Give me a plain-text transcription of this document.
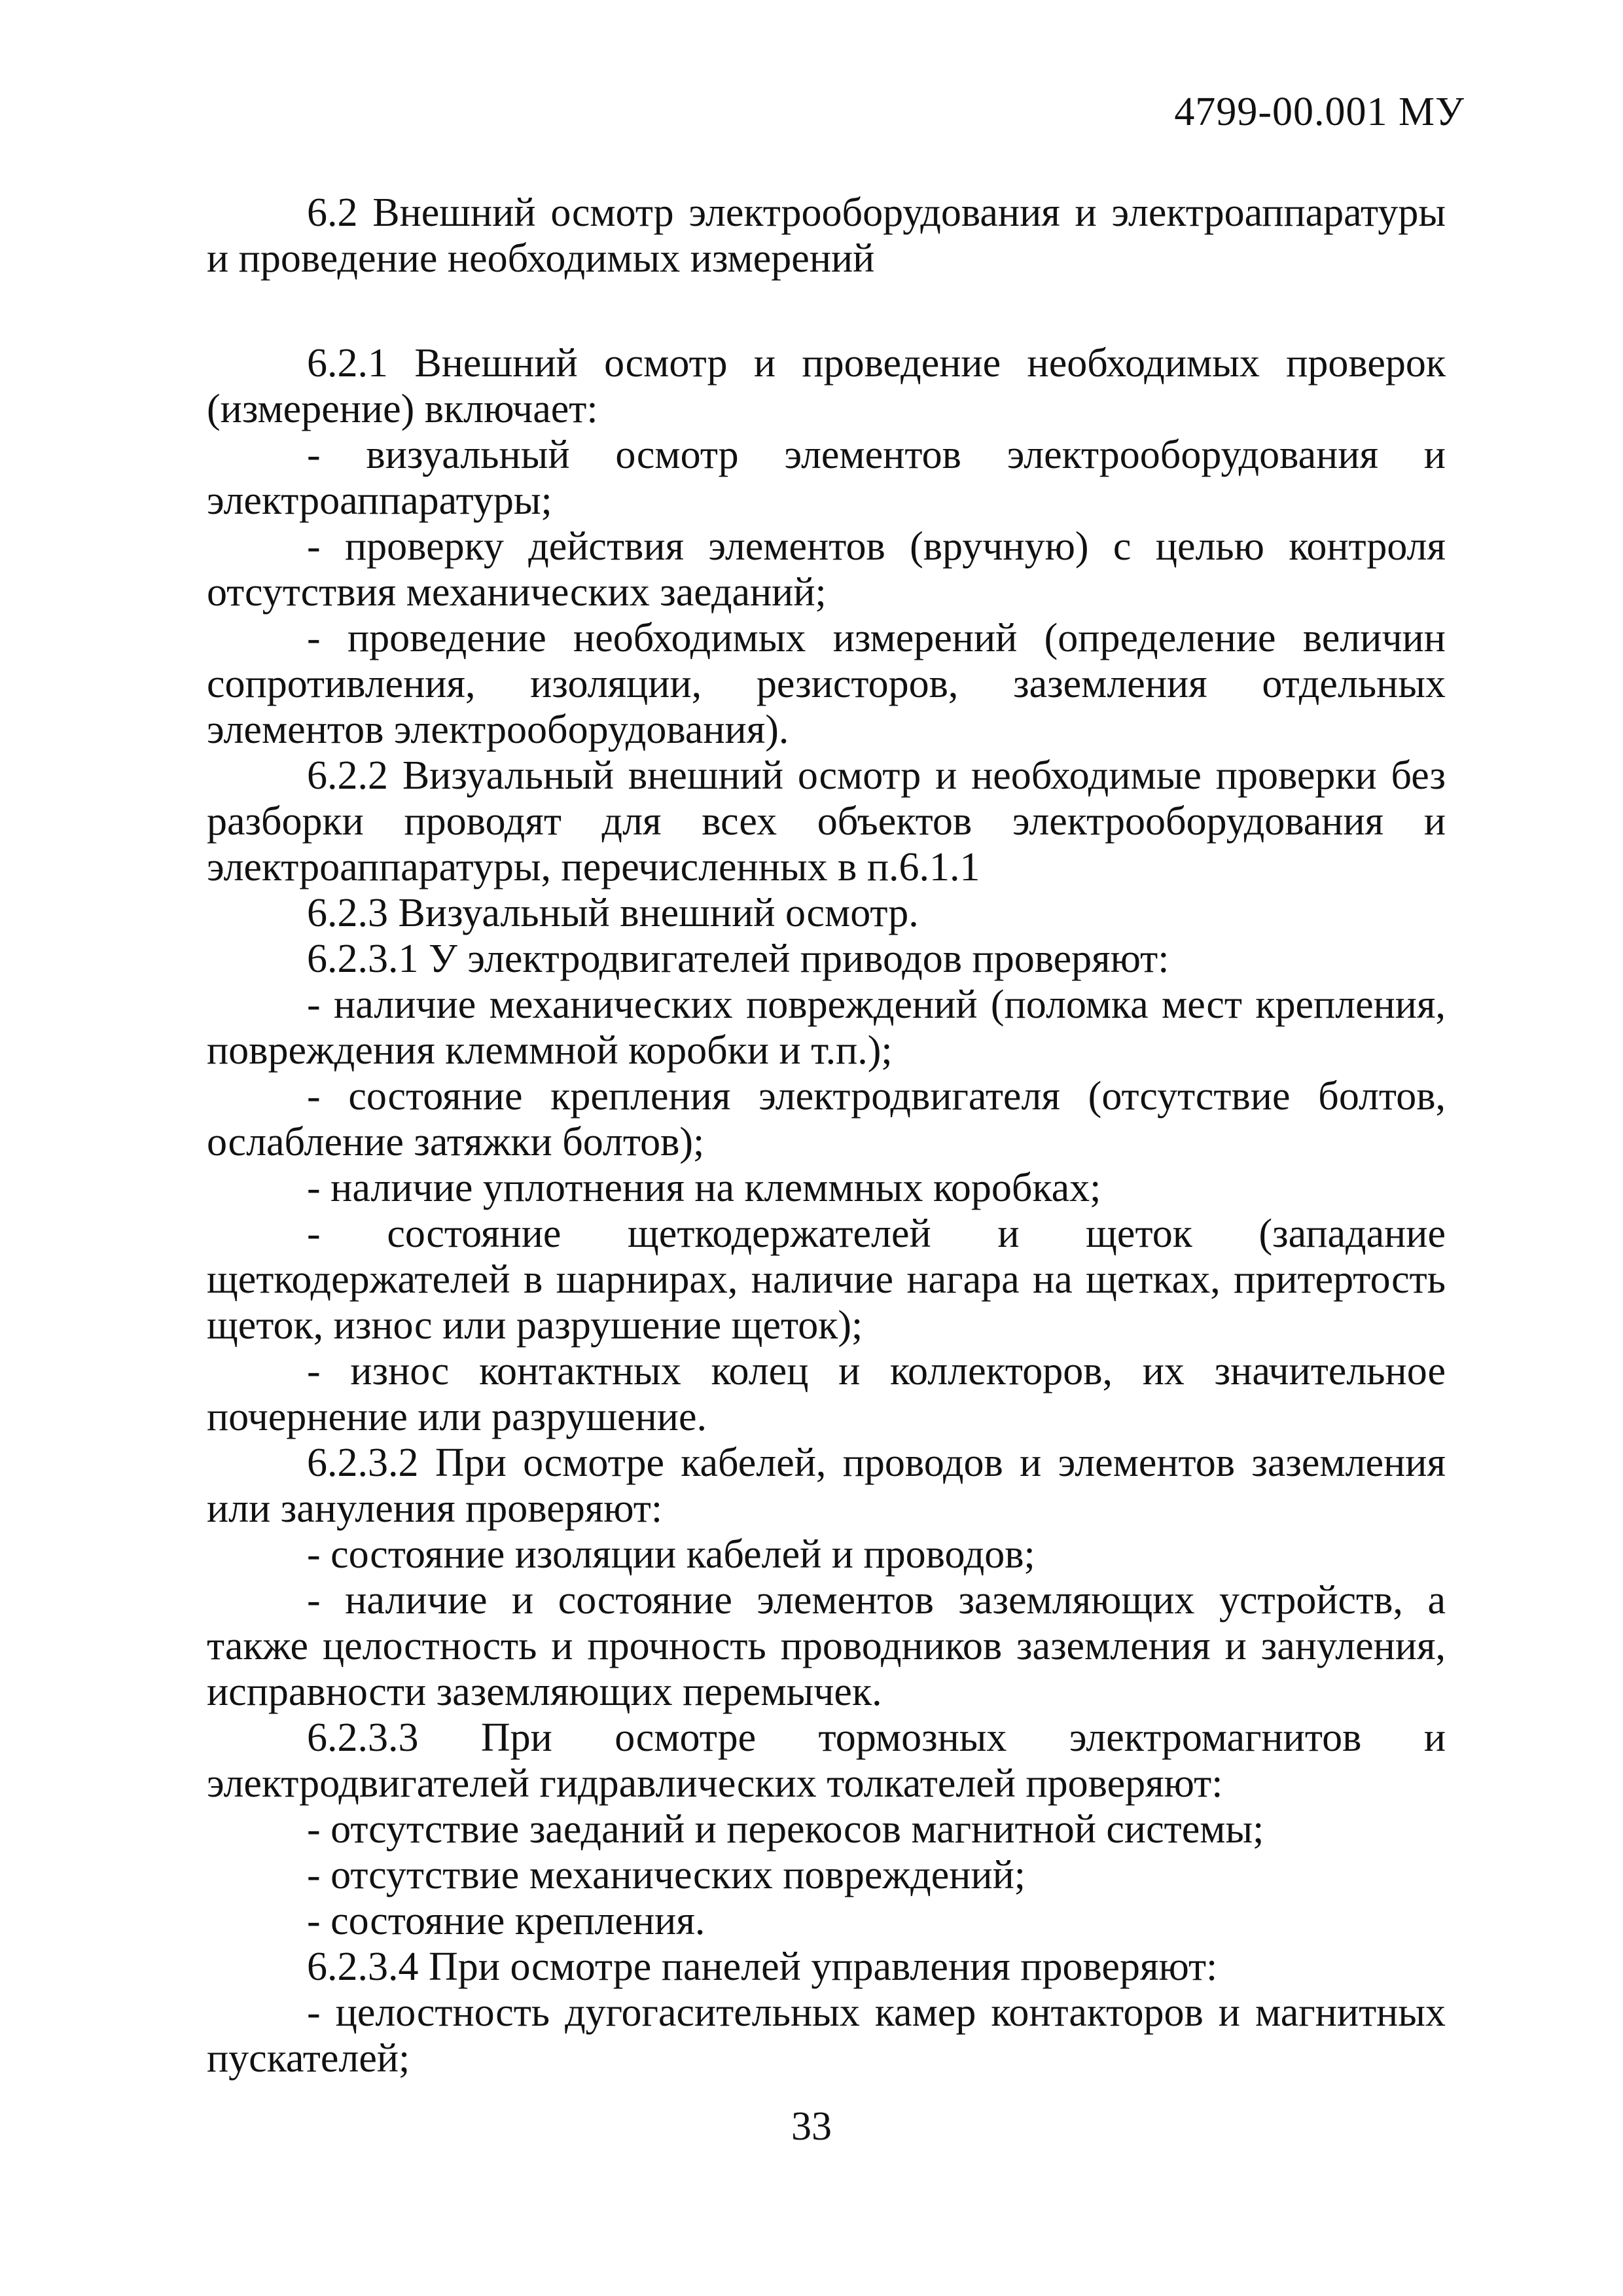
4799-00.001 МУ

6.2 Внешний осмотр электрооборудования и электроаппаратуры и проведение необходимых измерений

6.2.1 Внешний осмотр и проведение необходимых проверок (измерение) включает:

- визуальный осмотр элементов электрооборудования и электроаппаратуры;

- проверку действия элементов (вручную) с целью контроля отсутствия механических заеданий;

- проведение необходимых измерений (определение величин сопротивления, изоляции, резисторов, заземления отдельных элементов электрооборудования).

6.2.2 Визуальный внешний осмотр и необходимые проверки без разборки проводят для всех объектов электрооборудования и электроаппаратуры, перечисленных в п.6.1.1

6.2.3 Визуальный внешний осмотр.

6.2.3.1 У электродвигателей приводов проверяют:

- наличие механических повреждений (поломка мест крепления, повреждения клеммной коробки и т.п.);

- состояние крепления электродвигателя (отсутствие болтов, ослабление затяжки болтов);

- наличие уплотнения на клеммных коробках;

- состояние щеткодержателей и щеток (западание щеткодержателей в шарнирах, наличие нагара на щетках, притертость щеток, износ или разрушение щеток);

- износ контактных колец и коллекторов, их значительное почернение или разрушение.

6.2.3.2 При осмотре кабелей, проводов и элементов заземления или зануления проверяют:

- состояние изоляции кабелей и проводов;

- наличие и состояние элементов заземляющих устройств, а также целостность и прочность проводников заземления и зануления, исправности заземляющих перемычек.

6.2.3.3 При осмотре тормозных электромагнитов и электродвигателей гидравлических толкателей проверяют:

- отсутствие заеданий и перекосов магнитной системы;

- отсутствие механических повреждений;

- состояние крепления.

6.2.3.4 При осмотре панелей управления проверяют:

- целостность дугогасительных камер контакторов и магнитных пускателей;

33
